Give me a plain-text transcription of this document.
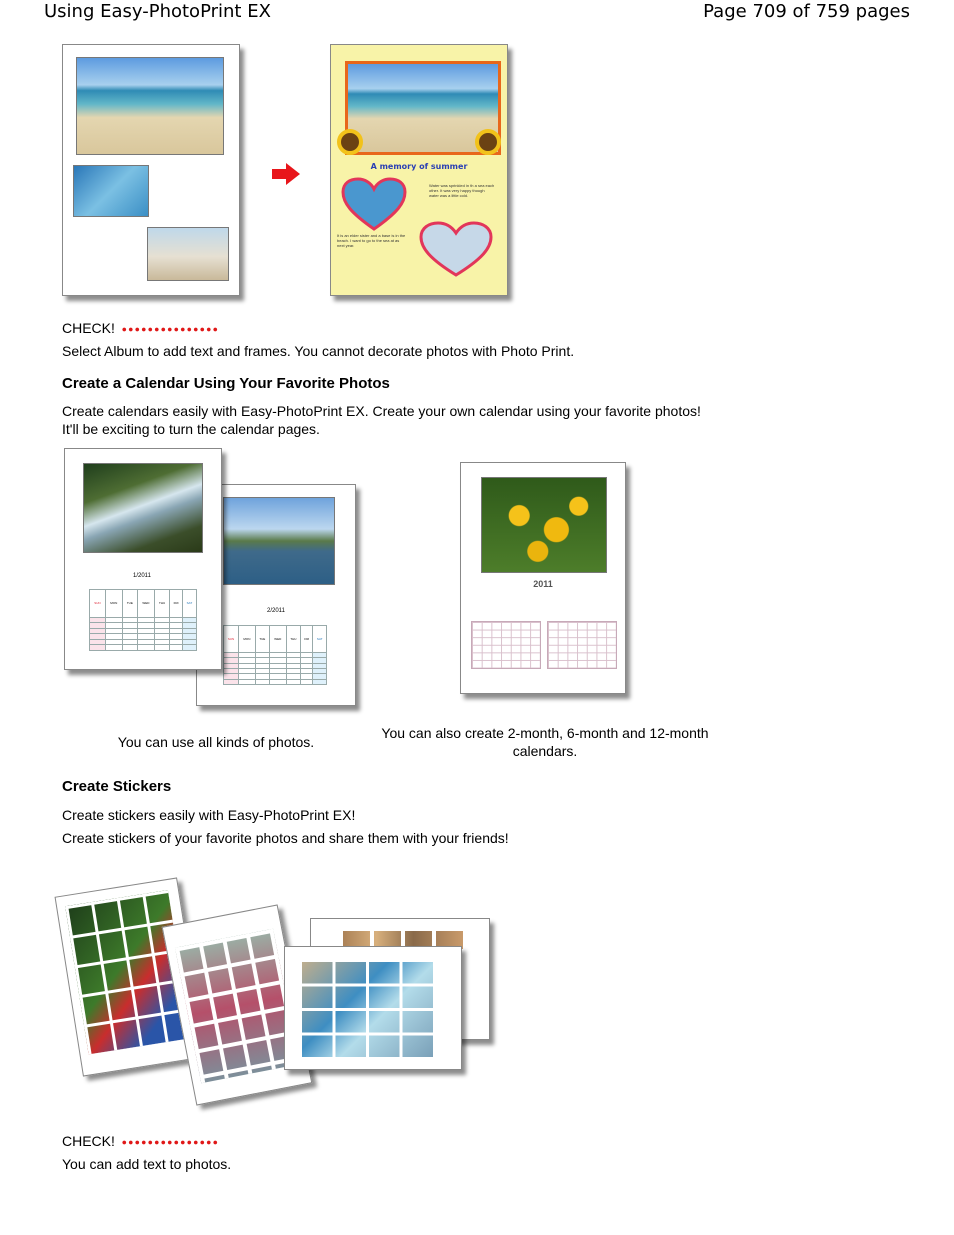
Using Easy-PhotoPrint EX	Page 709 of 759 pages
A memory of summer
Water was sprinkled in th a sea each other. It was very happy though water was a little cold.
It is an elder sister and a base is in the beach. I want to go to the sea at as next year.
CHECK!
Select Album to add text and frames. You cannot decorate photos with Photo Print.
Create a Calendar Using Your Favorite Photos
Create calendars easily with Easy-PhotoPrint EX. Create your own calendar using your favorite photos!
It'll be exciting to turn the calendar pages.
2/2011
SUN	MON	TUE	WED	THU	FRI	SAT

1/2011
SUN	MON	TUE	WED	THU	FRI	SAT

2011
You can use all kinds of photos.
You can also create 2-month, 6-month and 12-month calendars.
Create Stickers
Create stickers easily with Easy-PhotoPrint EX!
Create stickers of your favorite photos and share them with your friends!
CHECK!
You can add text to photos.
